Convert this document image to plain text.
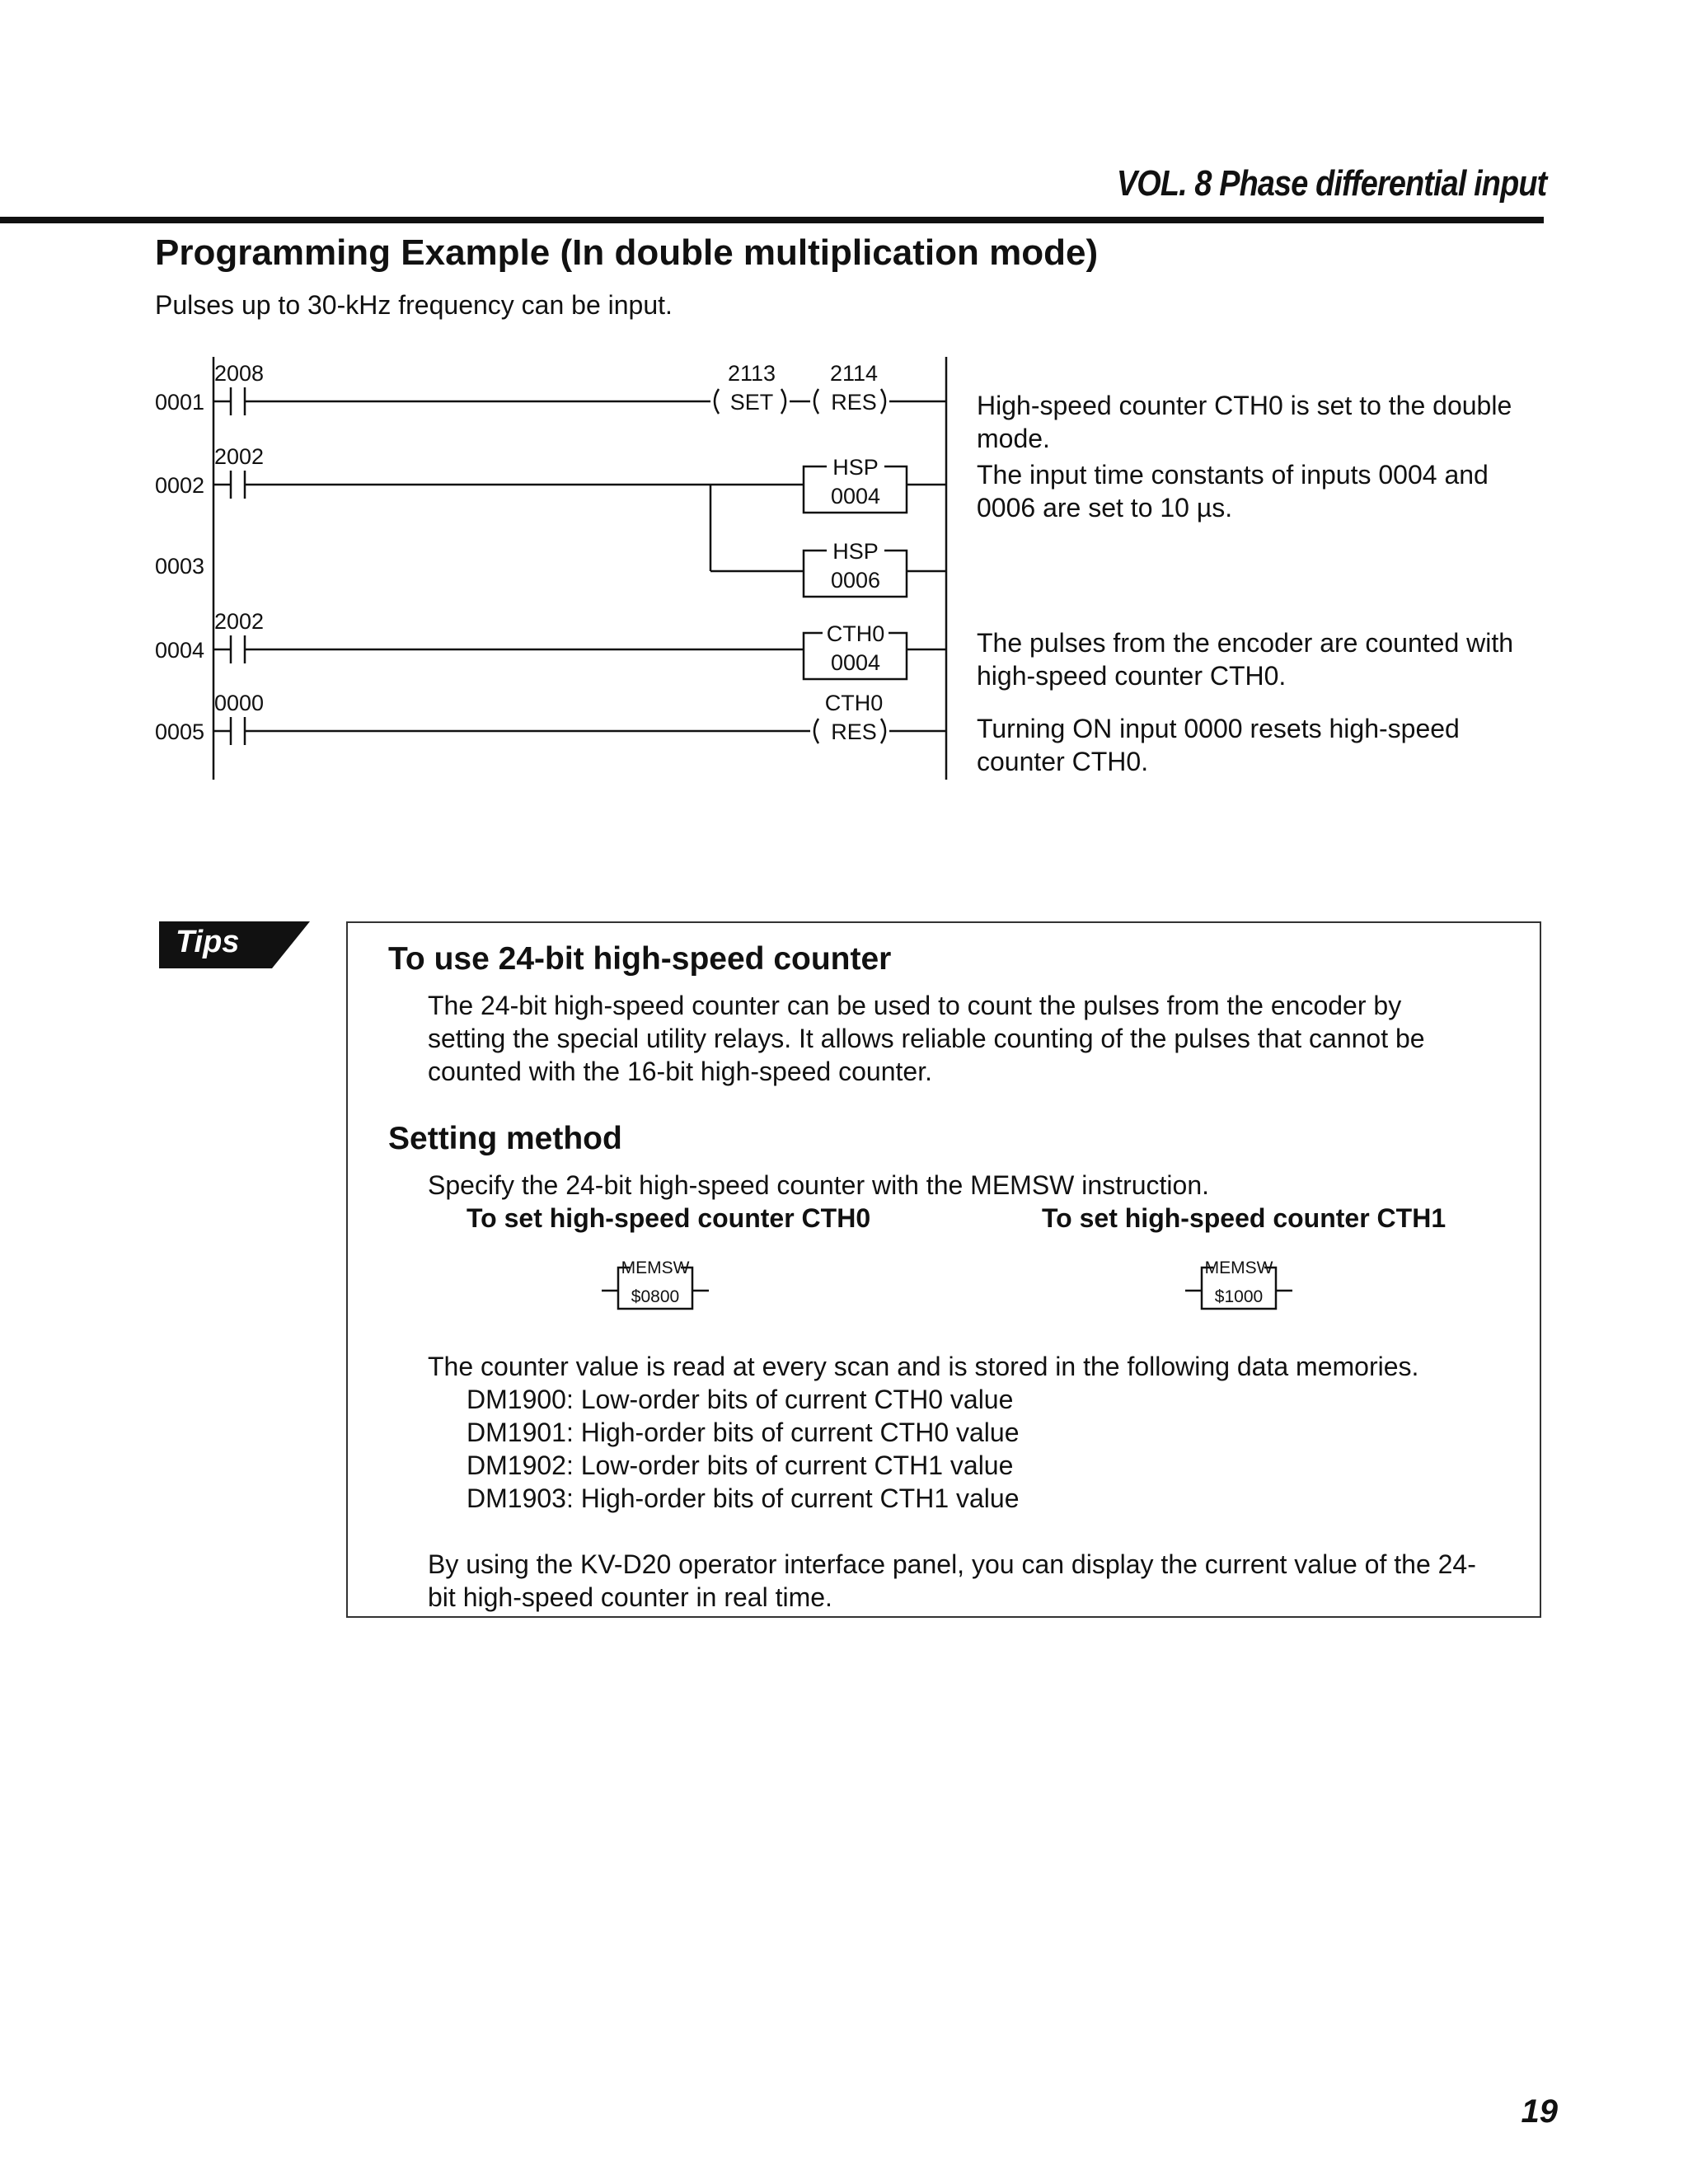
VOL. 8 Phase differential input
Programming Example (In double multiplication mode)
Pulses up to 30-kHz frequency can be input.
0001
0002
0003
0004
0005
2008
2002
2002
0000
2113
SET
2114
RES
HSP
0004
HSP
0006
CTH0
0004
CTH0
RES
High-speed counter CTH0 is set to the double mode.
The input time constants of inputs 0004 and 0006 are set to 10 µs.
The pulses from the encoder are counted with high-speed counter CTH0.
Turning ON input 0000 resets high-speed counter CTH0.
Tips	To use 24-bit high-speed counter
The 24-bit high-speed counter can be used to count the pulses from the encoder by
setting the special utility relays. It allows reliable counting of the pulses that cannot be
counted with the 16-bit high-speed counter.
Setting method
Specify the 24-bit high-speed counter with the MEMSW instruction.
To set high-speed counter CTH0	To set high-speed counter CTH1
MEMSW
$0800
MEMSW
$1000
The counter value is read at every scan and is stored in the following data memories.
DM1900: Low-order bits of current CTH0 value
DM1901: High-order bits of current CTH0 value
DM1902: Low-order bits of current CTH1 value
DM1903: High-order bits of current CTH1 value
By using the KV-D20 operator interface panel, you can display the current value of the 24-
bit high-speed counter in real time.
19
